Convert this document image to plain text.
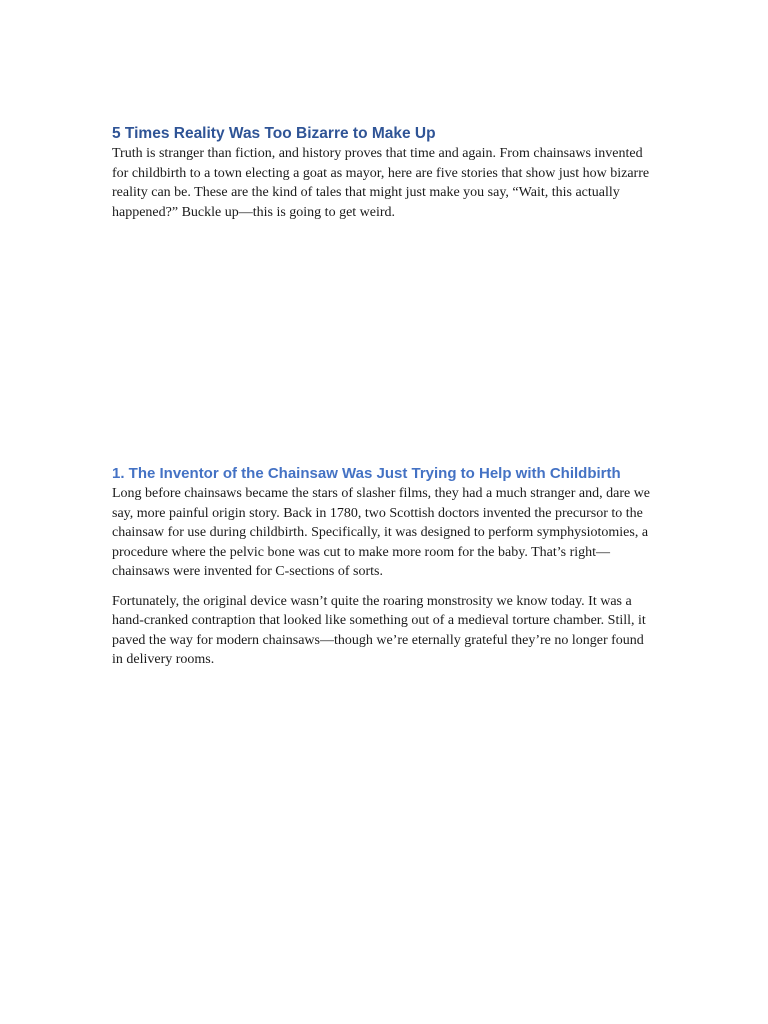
5 Times Reality Was Too Bizarre to Make Up

Truth is stranger than fiction, and history proves that time and again. From chainsaws invented for childbirth to a town electing a goat as mayor, here are five stories that show just how bizarre reality can be. These are the kind of tales that might just make you say, “Wait, this actually happened?” Buckle up—this is going to get weird.

1. The Inventor of the Chainsaw Was Just Trying to Help with Childbirth

Long before chainsaws became the stars of slasher films, they had a much stranger and, dare we say, more painful origin story. Back in 1780, two Scottish doctors invented the precursor to the chainsaw for use during childbirth. Specifically, it was designed to perform symphysiotomies, a procedure where the pelvic bone was cut to make more room for the baby. That’s right—chainsaws were invented for C-sections of sorts.

Fortunately, the original device wasn’t quite the roaring monstrosity we know today. It was a hand-cranked contraption that looked like something out of a medieval torture chamber. Still, it paved the way for modern chainsaws—though we’re eternally grateful they’re no longer found in delivery rooms.
